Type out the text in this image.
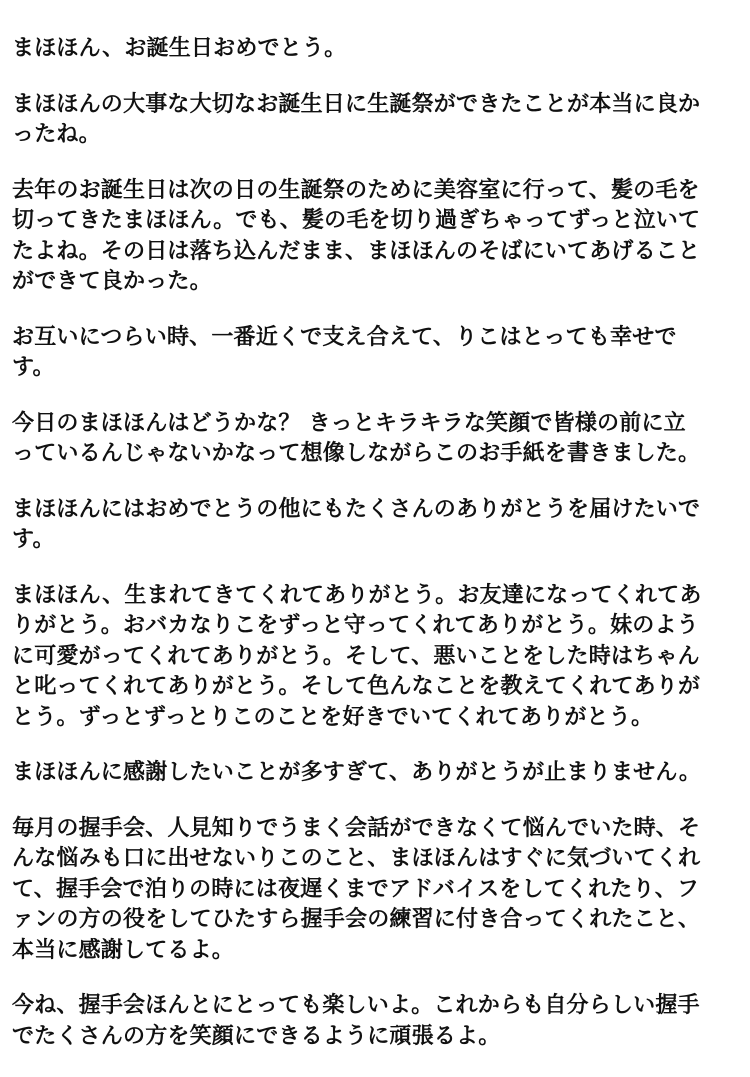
まほほん、お誕生日おめでとう。
まほほんの大事な大切なお誕生日に生誕祭ができたことが本当に良か
ったね。
去年のお誕生日は次の日の生誕祭のために美容室に行って、髪の毛を
切ってきたまほほん。でも、髪の毛を切り過ぎちゃってずっと泣いて
たよね。その日は落ち込んだまま、まほほんのそばにいてあげること
ができて良かった。
お互いにつらい時、一番近くで支え合えて、りこはとっても幸せで
す。
今日のまほほんはどうかな？ きっとキラキラな笑顔で皆様の前に立
っているんじゃないかなって想像しながらこのお手紙を書きました。
まほほんにはおめでとうの他にもたくさんのありがとうを届けたいで
す。
まほほん、生まれてきてくれてありがとう。お友達になってくれてあ
りがとう。おバカなりこをずっと守ってくれてありがとう。妹のよう
に可愛がってくれてありがとう。そして、悪いことをした時はちゃん
と叱ってくれてありがとう。そして色んなことを教えてくれてありが
とう。ずっとずっとりこのことを好きでいてくれてありがとう。
まほほんに感謝したいことが多すぎて、ありがとうが止まりません。
毎月の握手会、人見知りでうまく会話ができなくて悩んでいた時、そ
んな悩みも口に出せないりこのこと、まほほんはすぐに気づいてくれ
て、握手会で泊りの時には夜遅くまでアドバイスをしてくれたり、フ
ァンの方の役をしてひたすら握手会の練習に付き合ってくれたこと、
本当に感謝してるよ。
今ね、握手会ほんとにとっても楽しいよ。これからも自分らしい握手
でたくさんの方を笑顔にできるように頑張るよ。
